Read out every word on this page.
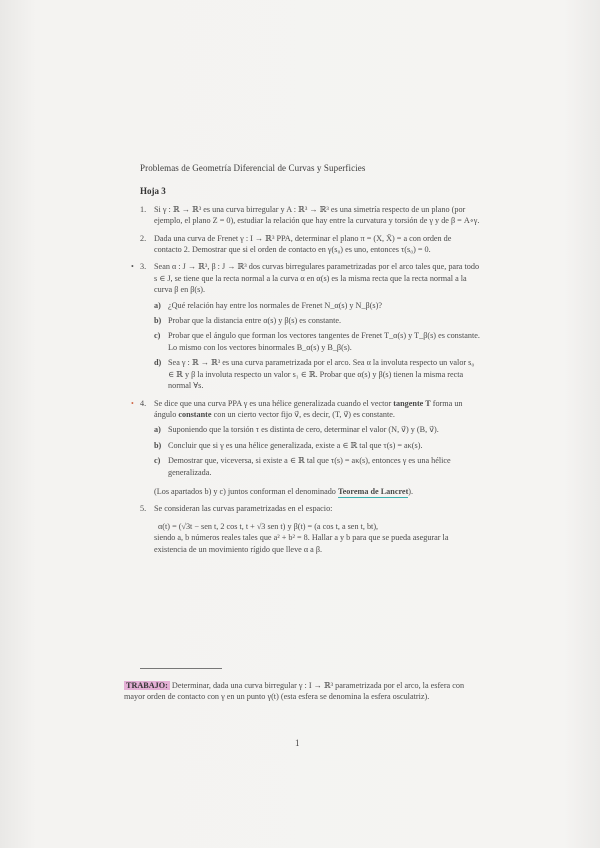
Problemas de Geometría Diferencial de Curvas y Superficies
Hoja 3
1. Si γ : ℝ → ℝ³ es una curva birregular y A : ℝ³ → ℝ³ es una simetría respecto de un plano (por ejemplo, el plano Z = 0), estudiar la relación que hay entre la curvatura y torsión de γ y de β = A∘γ.

2. Dada una curva de Frenet γ : I → ℝ³ PPA, determinar el plano π = (X, X̄) = a con orden de contacto 2. Demostrar que si el orden de contacto en γ(s₀) es uno, entonces τ(s₀) = 0.

• 3. Sean α : J → ℝ³, β : J → ℝ³ dos curvas birregulares parametrizadas por el arco tales que, para todo s ∈ J, se tiene que la recta normal a la curva α en α(s) es la misma recta que la recta normal a la curva β en β(s).

a) ¿Qué relación hay entre los normales de Frenet N_α(s) y N_β(s)?
b) Probar que la distancia entre α(s) y β(s) es constante.
c) Probar que el ángulo que forman los vectores tangentes de Frenet T_α(s) y T_β(s) es constante. Lo mismo con los vectores binormales B_α(s) y B_β(s).
d) Sea γ : ℝ → ℝ³ es una curva parametrizada por el arco. Sea α la involuta respecto un valor s₀ ∈ ℝ y β la involuta respecto un valor s₁ ∈ ℝ. Probar que α(s) y β(s) tienen la misma recta normal ∀s.
• 4. Se dice que una curva PPA γ es una hélice generalizada cuando el vector tangente T forma un ángulo constante con un cierto vector fijo v⃗, es decir, (T, v⃗) es constante.

a) Suponiendo que la torsión τ es distinta de cero, determinar el valor (N, v⃗) y (B, v⃗).
b) Concluir que si γ es una hélice generalizada, existe a ∈ ℝ tal que τ(s) = aκ(s).
c) Demostrar que, viceversa, si existe a ∈ ℝ tal que τ(s) = aκ(s), entonces γ es una hélice generalizada.

(Los apartados b) y c) juntos conforman el denominado Teorema de Lancret).

5. Se consideran las curvas parametrizadas en el espacio:

α(t) = (√3t − sen t, 2 cos t, t + √3 sen t) y β(t) = (a cos t, a sen t, bt),

siendo a, b números reales tales que a² + b² = 8. Hallar a y b para que se pueda asegurar la existencia de un movimiento rígido que lleve α a β.

TRABAJO: Determinar, dada una curva birregular γ : I → ℝ³ parametrizada por el arco, la esfera con mayor orden de contacto con γ en un punto γ(t) (esta esfera se denomina la esfera osculatriz).
1
